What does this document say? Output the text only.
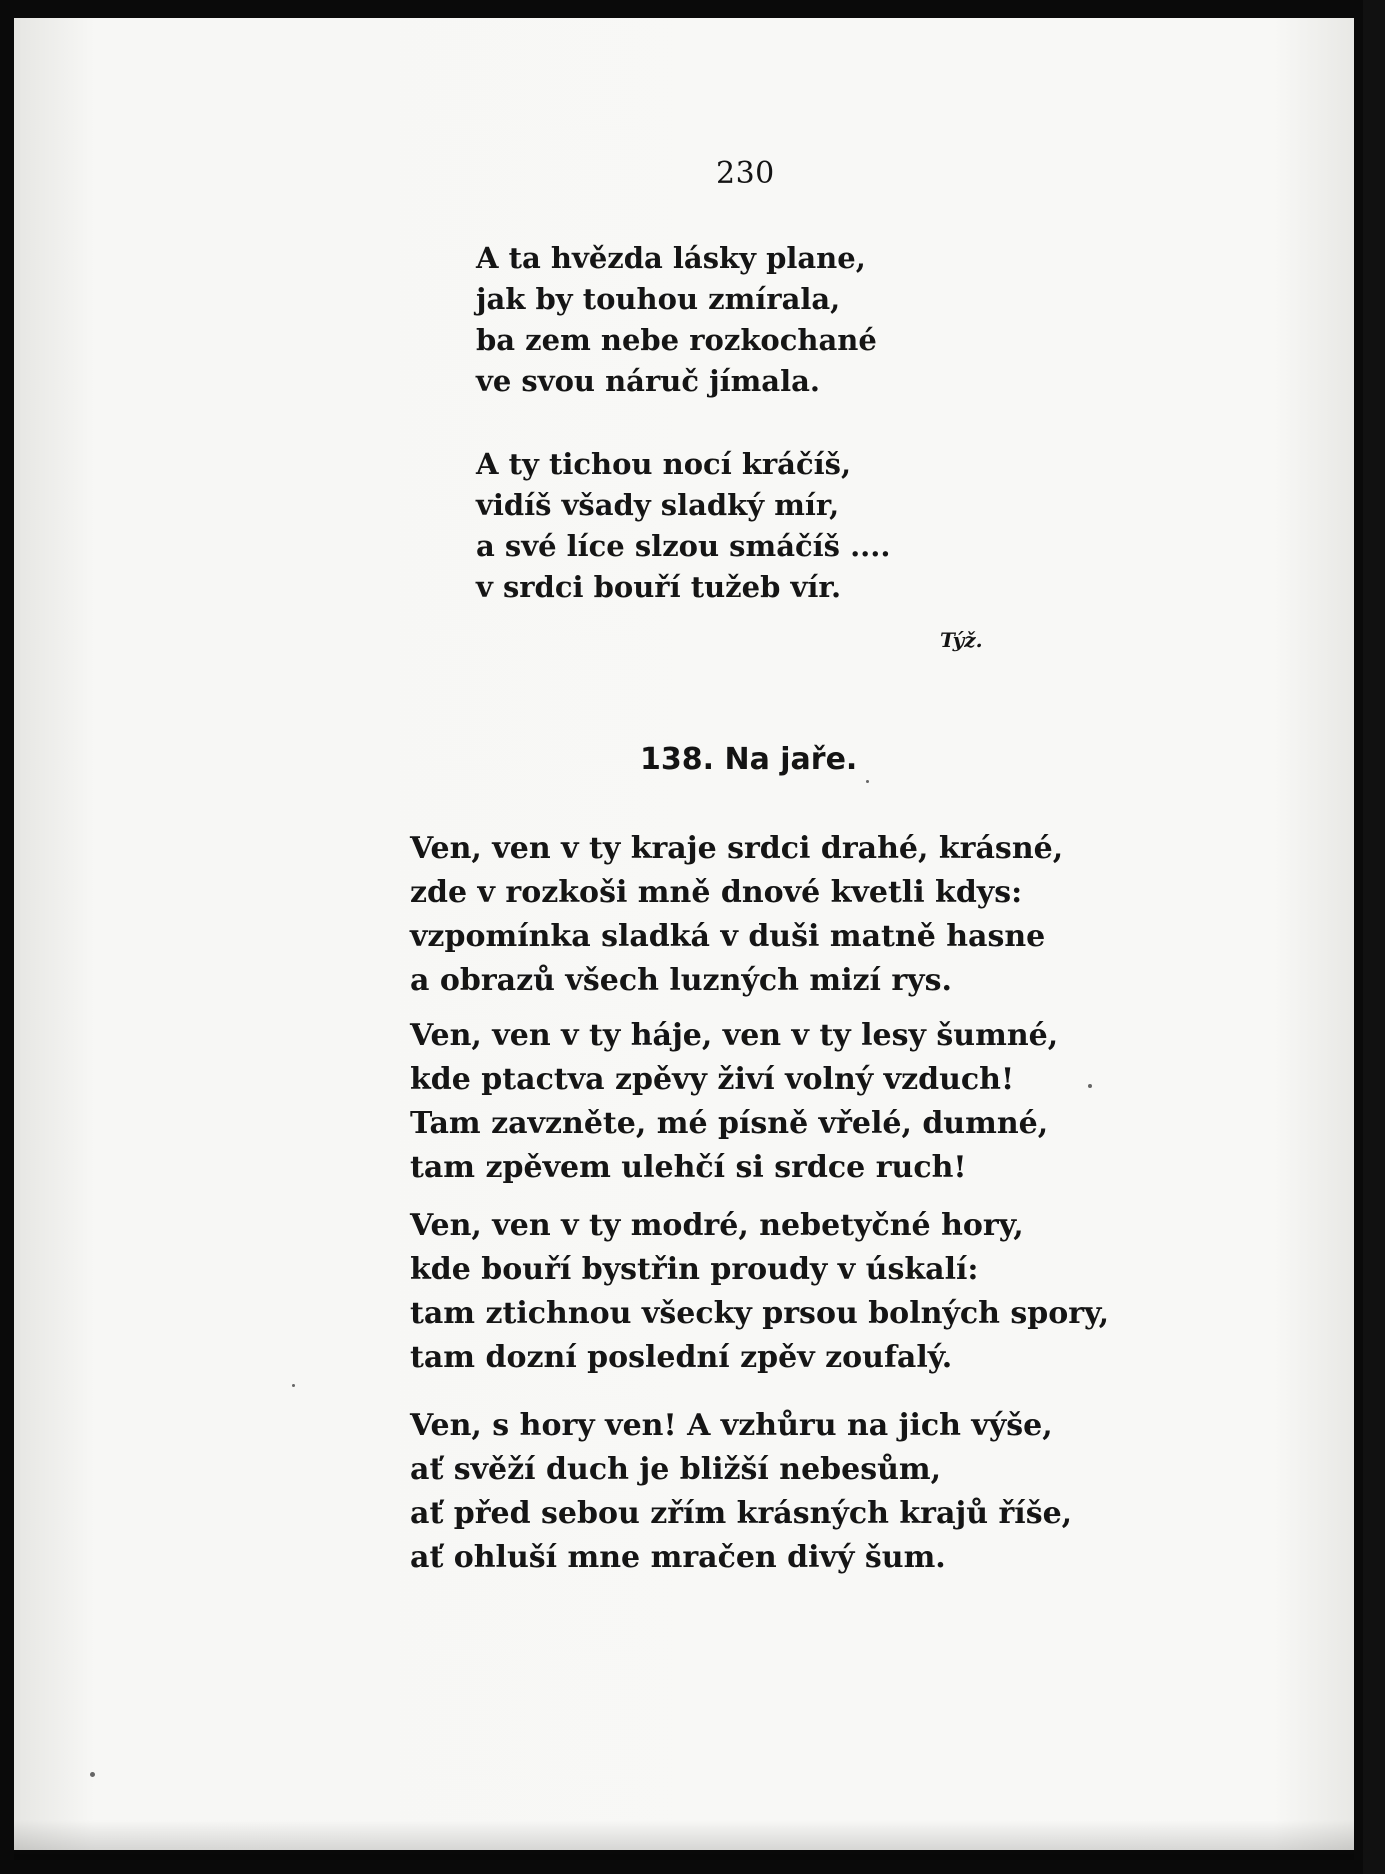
230
A ta hvězda lásky plane,
jak by touhou zmírala,
ba zem nebe rozkochané
ve svou náruč jímala.
A ty tichou nocí kráčíš,
vidíš všady sladký mír,
a své líce slzou smáčíš ....
v srdci bouří tužeb vír.
Týž.
138. Na jaře.
Ven, ven v ty kraje srdci drahé, krásné,
zde v rozkoši mně dnové kvetli kdys:
vzpomínka sladká v duši matně hasne
a obrazů všech luzných mizí rys.
Ven, ven v ty háje, ven v ty lesy šumné,
kde ptactva zpěvy živí volný vzduch!
Tam zavzněte, mé písně vřelé, dumné,
tam zpěvem ulehčí si srdce ruch!
Ven, ven v ty modré, nebetyčné hory,
kde bouří bystřin proudy v úskalí:
tam ztichnou všecky prsou bolných spory,
tam dozní poslední zpěv zoufalý.
Ven, s hory ven! A vzhůru na jich výše,
ať svěží duch je bližší nebesům,
ať před sebou zřím krásných krajů říše,
ať ohluší mne mračen divý šum.
